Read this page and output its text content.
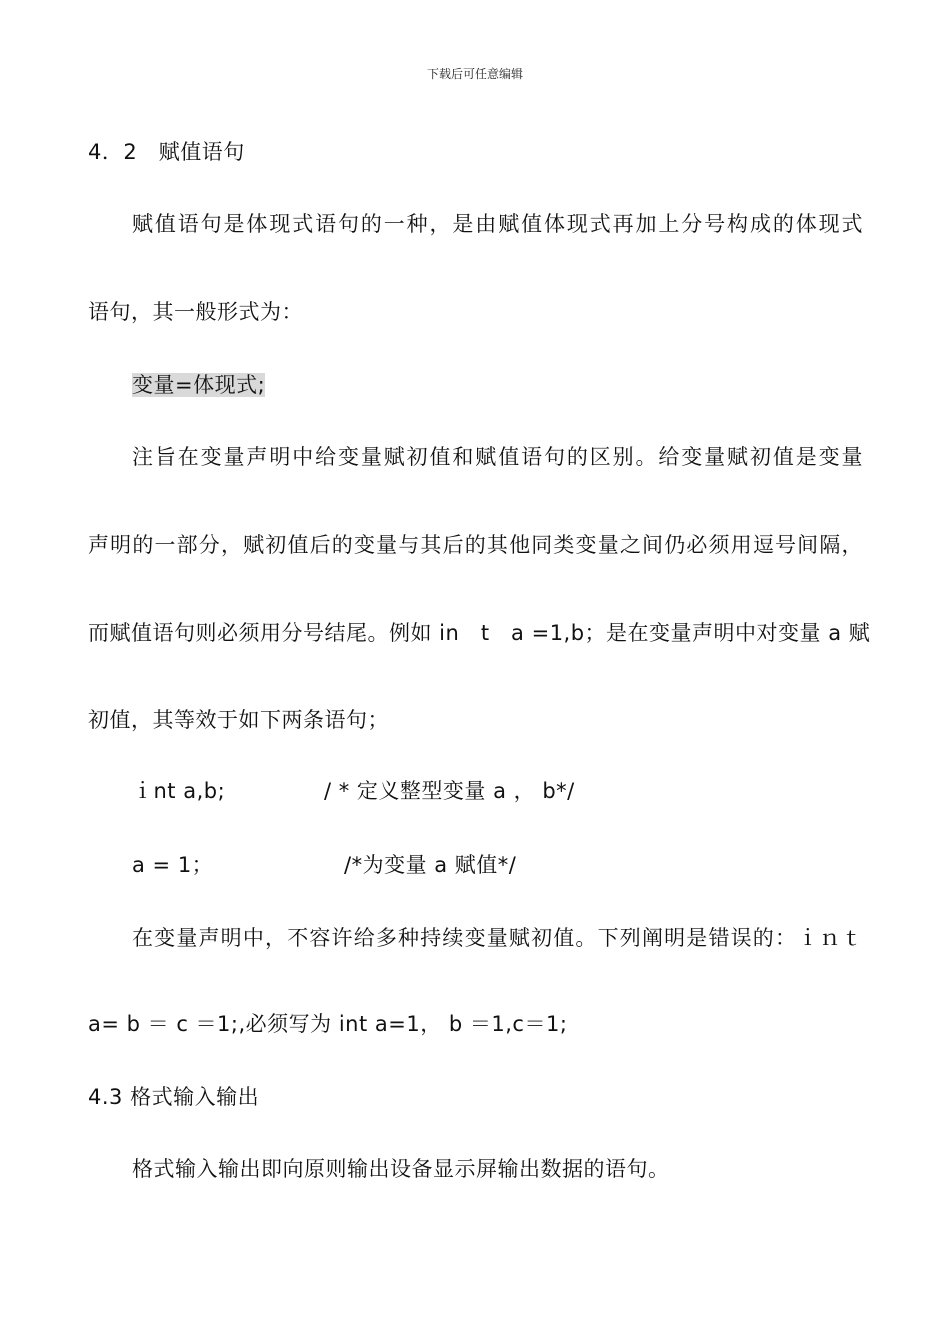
下载后可任意编辑
4．2　赋值语句
赋值语句是体现式语句的一种，是由赋值体现式再加上分号构成的体现式
语句，其一般形式为：
变量=体现式;
注旨在变量声明中给变量赋初值和赋值语句的区别。给变量赋初值是变量
声明的一部分，赋初值后的变量与其后的其他同类变量之间仍必须用逗号间隔，
而赋值语句则必须用分号结尾。例如 in　t　a =1,b；是在变量声明中对变量 a 赋
初值，其等效于如下两条语句；
ｉnt a,b;	/ * 定义整型变量 a ， b*/
a = 1；	/*为变量 a 赋值*/
在变量声明中，不容许给多种持续变量赋初值。下列阐明是错误的：ｉｎｔ
a= b ＝ c ＝1;,必须写为 int a=1， b ＝1,c＝1;
4.3 格式输入输出
格式输入输出即向原则输出设备显示屏输出数据的语句。
